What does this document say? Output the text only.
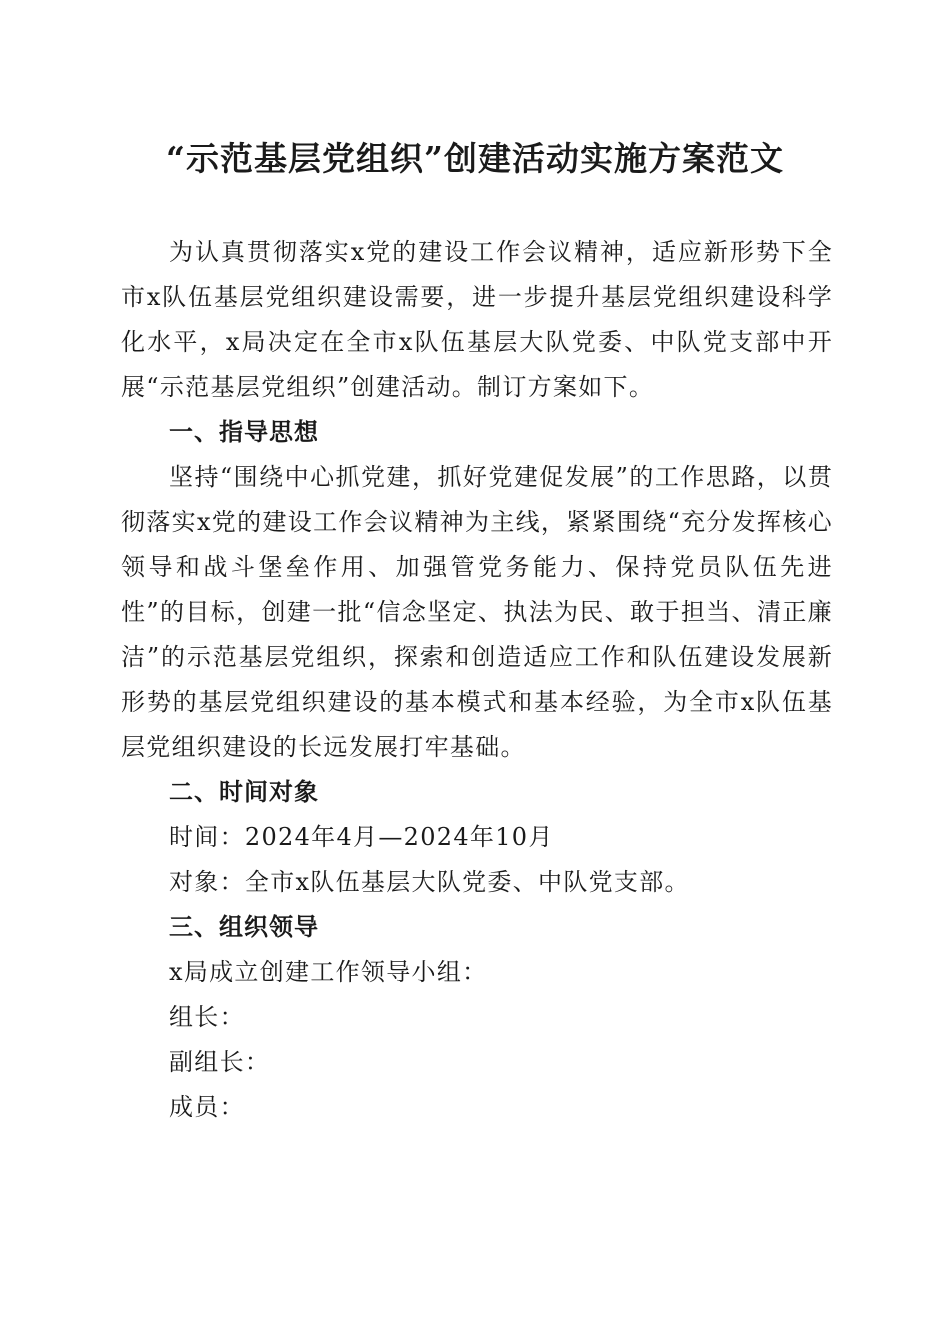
“示范基层党组织”创建活动实施方案范文

为认真贯彻落实x党的建设工作会议精神，适应新形势下全市x队伍基层党组织建设需要，进一步提升基层党组织建设科学化水平，x局决定在全市x队伍基层大队党委、中队党支部中开展“示范基层党组织”创建活动。制订方案如下。

一、指导思想

坚持“围绕中心抓党建，抓好党建促发展”的工作思路，以贯彻落实x党的建设工作会议精神为主线，紧紧围绕“充分发挥核心领导和战斗堡垒作用、加强管党务能力、保持党员队伍先进性”的目标，创建一批“信念坚定、执法为民、敢于担当、清正廉洁”的示范基层党组织，探索和创造适应工作和队伍建设发展新形势的基层党组织建设的基本模式和基本经验，为全市x队伍基层党组织建设的长远发展打牢基础。

二、时间对象

时间：2024年4月—2024年10月

对象：全市x队伍基层大队党委、中队党支部。

三、组织领导

x局成立创建工作领导小组：

组长：

副组长：

成员：
